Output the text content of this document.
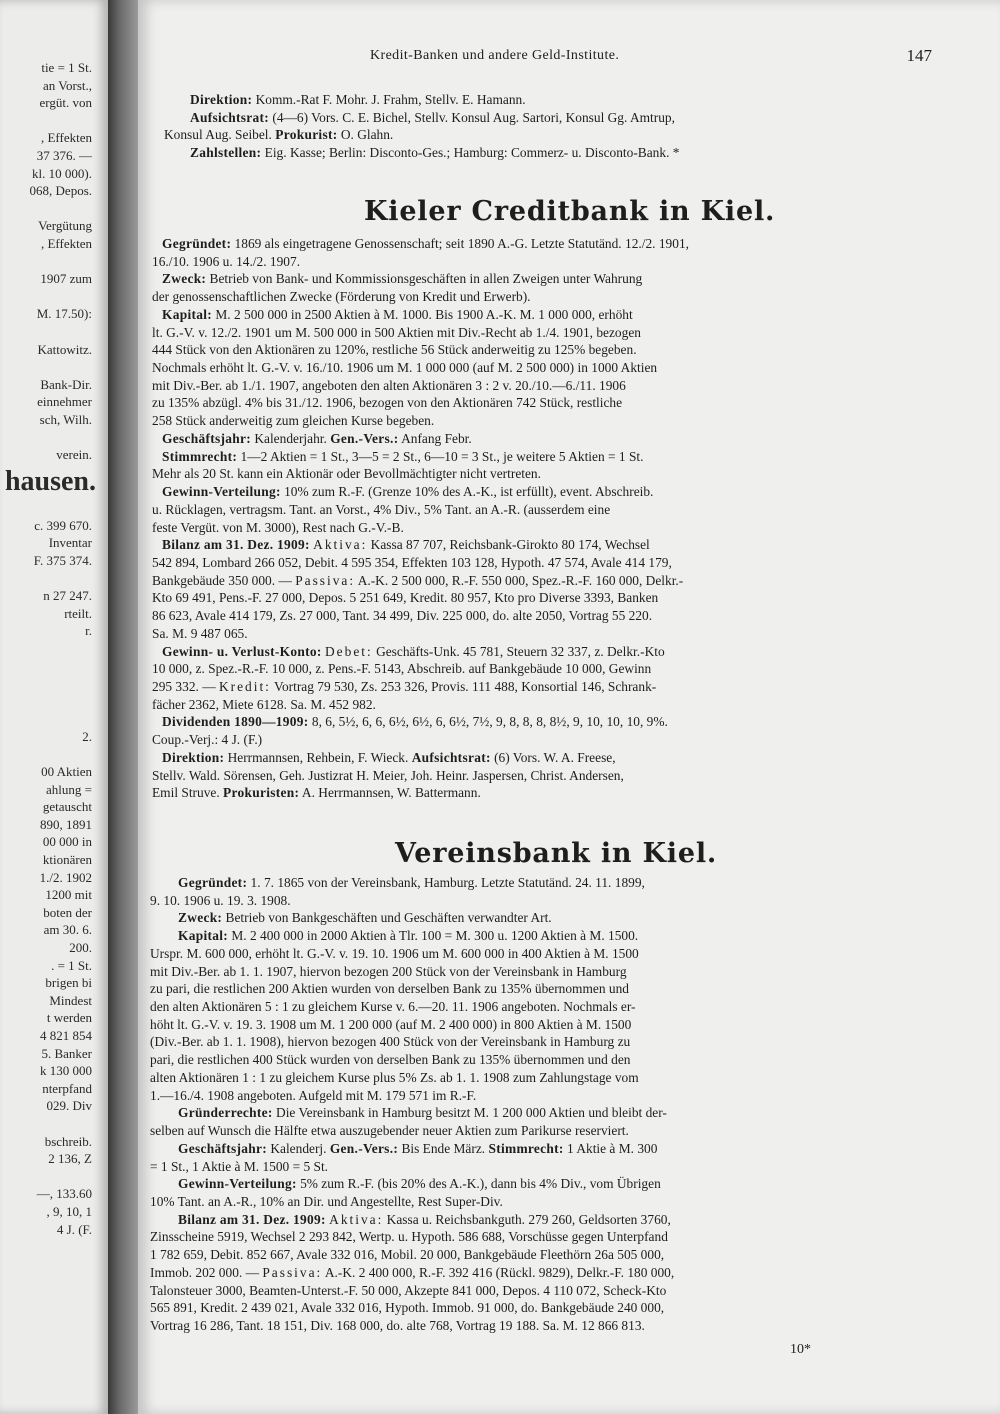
tie = 1 St.
an Vorst.,
ergüt. von
, Effekten
37 376. —
kl. 10 000).
068, Depos.
Vergütung
, Effekten
1907 zum
M. 17.50):
Kattowitz.
Bank-Dir.
einnehmer
sch, Wilh.
verein.
hausen.
c. 399 670.
Inventar
F. 375 374.
n 27 247.
rteilt.
r.
2.
00 Aktien
ahlung =
getauscht
890, 1891
00 000 in
ktionären
1./2. 1902
1200 mit
boten der
am 30. 6.
200.
. = 1 St.
brigen bi
Mindest
t werden
4 821 854
5. Banker
k 130 000
nterpfand
029. Div
bschreib.
2 136, Z
—, 133.60
, 9, 10, 1
4 J. (F.
Kredit-Banken und andere Geld-Institute.	147
Direktion: Komm.-Rat F. Mohr. J. Frahm, Stellv. E. Hamann.
Aufsichtsrat: (4—6) Vors. C. E. Bichel, Stellv. Konsul Aug. Sartori, Konsul Gg. Amtrup,
Konsul Aug. Seibel. Prokurist: O. Glahn.
Zahlstellen: Eig. Kasse; Berlin: Disconto-Ges.; Hamburg: Commerz- u. Disconto-Bank. *
Kieler Creditbank in Kiel.
Gegründet: 1869 als eingetragene Genossenschaft; seit 1890 A.-G. Letzte Statutänd. 12./2. 1901,
16./10. 1906 u. 14./2. 1907.
Zweck: Betrieb von Bank- und Kommissionsgeschäften in allen Zweigen unter Wahrung
der genossenschaftlichen Zwecke (Förderung von Kredit und Erwerb).
Kapital: M. 2 500 000 in 2500 Aktien à M. 1000. Bis 1900 A.-K. M. 1 000 000, erhöht
lt. G.-V. v. 12./2. 1901 um M. 500 000 in 500 Aktien mit Div.-Recht ab 1./4. 1901, bezogen
444 Stück von den Aktionären zu 120%, restliche 56 Stück anderweitig zu 125% begeben.
Nochmals erhöht lt. G.-V. v. 16./10. 1906 um M. 1 000 000 (auf M. 2 500 000) in 1000 Aktien
mit Div.-Ber. ab 1./1. 1907, angeboten den alten Aktionären 3 : 2 v. 20./10.—6./11. 1906
zu 135% abzügl. 4% bis 31./12. 1906, bezogen von den Aktionären 742 Stück, restliche
258 Stück anderweitig zum gleichen Kurse begeben.
Geschäftsjahr: Kalenderjahr. Gen.-Vers.: Anfang Febr.
Stimmrecht: 1—2 Aktien = 1 St., 3—5 = 2 St., 6—10 = 3 St., je weitere 5 Aktien = 1 St.
Mehr als 20 St. kann ein Aktionär oder Bevollmächtigter nicht vertreten.
Gewinn-Verteilung: 10% zum R.-F. (Grenze 10% des A.-K., ist erfüllt), event. Abschreib.
u. Rücklagen, vertragsm. Tant. an Vorst., 4% Div., 5% Tant. an A.-R. (ausserdem eine
feste Vergüt. von M. 3000), Rest nach G.-V.-B.
Bilanz am 31. Dez. 1909: Aktiva: Kassa 87 707, Reichsbank-Girokto 80 174, Wechsel
542 894, Lombard 266 052, Debit. 4 595 354, Effekten 103 128, Hypoth. 47 574, Avale 414 179,
Bankgebäude 350 000. — Passiva: A.-K. 2 500 000, R.-F. 550 000, Spez.-R.-F. 160 000, Delkr.-
Kto 69 491, Pens.-F. 27 000, Depos. 5 251 649, Kredit. 80 957, Kto pro Diverse 3393, Banken
86 623, Avale 414 179, Zs. 27 000, Tant. 34 499, Div. 225 000, do. alte 2050, Vortrag 55 220.
Sa. M. 9 487 065.
Gewinn- u. Verlust-Konto: Debet: Geschäfts-Unk. 45 781, Steuern 32 337, z. Delkr.-Kto
10 000, z. Spez.-R.-F. 10 000, z. Pens.-F. 5143, Abschreib. auf Bankgebäude 10 000, Gewinn
295 332. — Kredit: Vortrag 79 530, Zs. 253 326, Provis. 111 488, Konsortial 146, Schrank-
fächer 2362, Miete 6128. Sa. M. 452 982.
Dividenden 1890—1909: 8, 6, 5½, 6, 6, 6½, 6½, 6, 6½, 7½, 9, 8, 8, 8, 8½, 9, 10, 10, 10, 9%.
Coup.-Verj.: 4 J. (F.)
Direktion: Herrmannsen, Rehbein, F. Wieck. Aufsichtsrat: (6) Vors. W. A. Freese,
Stellv. Wald. Sörensen, Geh. Justizrat H. Meier, Joh. Heinr. Jaspersen, Christ. Andersen,
Emil Struve. Prokuristen: A. Herrmannsen, W. Battermann.
Vereinsbank in Kiel.
Gegründet: 1. 7. 1865 von der Vereinsbank, Hamburg. Letzte Statutänd. 24. 11. 1899,
9. 10. 1906 u. 19. 3. 1908.
Zweck: Betrieb von Bankgeschäften und Geschäften verwandter Art.
Kapital: M. 2 400 000 in 2000 Aktien à Tlr. 100 = M. 300 u. 1200 Aktien à M. 1500.
Urspr. M. 600 000, erhöht lt. G.-V. v. 19. 10. 1906 um M. 600 000 in 400 Aktien à M. 1500
mit Div.-Ber. ab 1. 1. 1907, hiervon bezogen 200 Stück von der Vereinsbank in Hamburg
zu pari, die restlichen 200 Aktien wurden von derselben Bank zu 135% übernommen und
den alten Aktionären 5 : 1 zu gleichem Kurse v. 6.—20. 11. 1906 angeboten. Nochmals er-
höht lt. G.-V. v. 19. 3. 1908 um M. 1 200 000 (auf M. 2 400 000) in 800 Aktien à M. 1500
(Div.-Ber. ab 1. 1. 1908), hiervon bezogen 400 Stück von der Vereinsbank in Hamburg zu
pari, die restlichen 400 Stück wurden von derselben Bank zu 135% übernommen und den
alten Aktionären 1 : 1 zu gleichem Kurse plus 5% Zs. ab 1. 1. 1908 zum Zahlungstage vom
1.—16./4. 1908 angeboten. Aufgeld mit M. 179 571 im R.-F.
Gründerrechte: Die Vereinsbank in Hamburg besitzt M. 1 200 000 Aktien und bleibt der-
selben auf Wunsch die Hälfte etwa auszugebender neuer Aktien zum Parikurse reserviert.
Geschäftsjahr: Kalenderj. Gen.-Vers.: Bis Ende März. Stimmrecht: 1 Aktie à M. 300
= 1 St., 1 Aktie à M. 1500 = 5 St.
Gewinn-Verteilung: 5% zum R.-F. (bis 20% des A.-K.), dann bis 4% Div., vom Übrigen
10% Tant. an A.-R., 10% an Dir. und Angestellte, Rest Super-Div.
Bilanz am 31. Dez. 1909: Aktiva: Kassa u. Reichsbankguth. 279 260, Geldsorten 3760,
Zinsscheine 5919, Wechsel 2 293 842, Wertp. u. Hypoth. 586 688, Vorschüsse gegen Unterpfand
1 782 659, Debit. 852 667, Avale 332 016, Mobil. 20 000, Bankgebäude Fleethörn 26a 505 000,
Immob. 202 000. — Passiva: A.-K. 2 400 000, R.-F. 392 416 (Rückl. 9829), Delkr.-F. 180 000,
Talonsteuer 3000, Beamten-Unterst.-F. 50 000, Akzepte 841 000, Depos. 4 110 072, Scheck-Kto
565 891, Kredit. 2 439 021, Avale 332 016, Hypoth. Immob. 91 000, do. Bankgebäude 240 000,
Vortrag 16 286, Tant. 18 151, Div. 168 000, do. alte 768, Vortrag 19 188. Sa. M. 12 866 813.
10*
